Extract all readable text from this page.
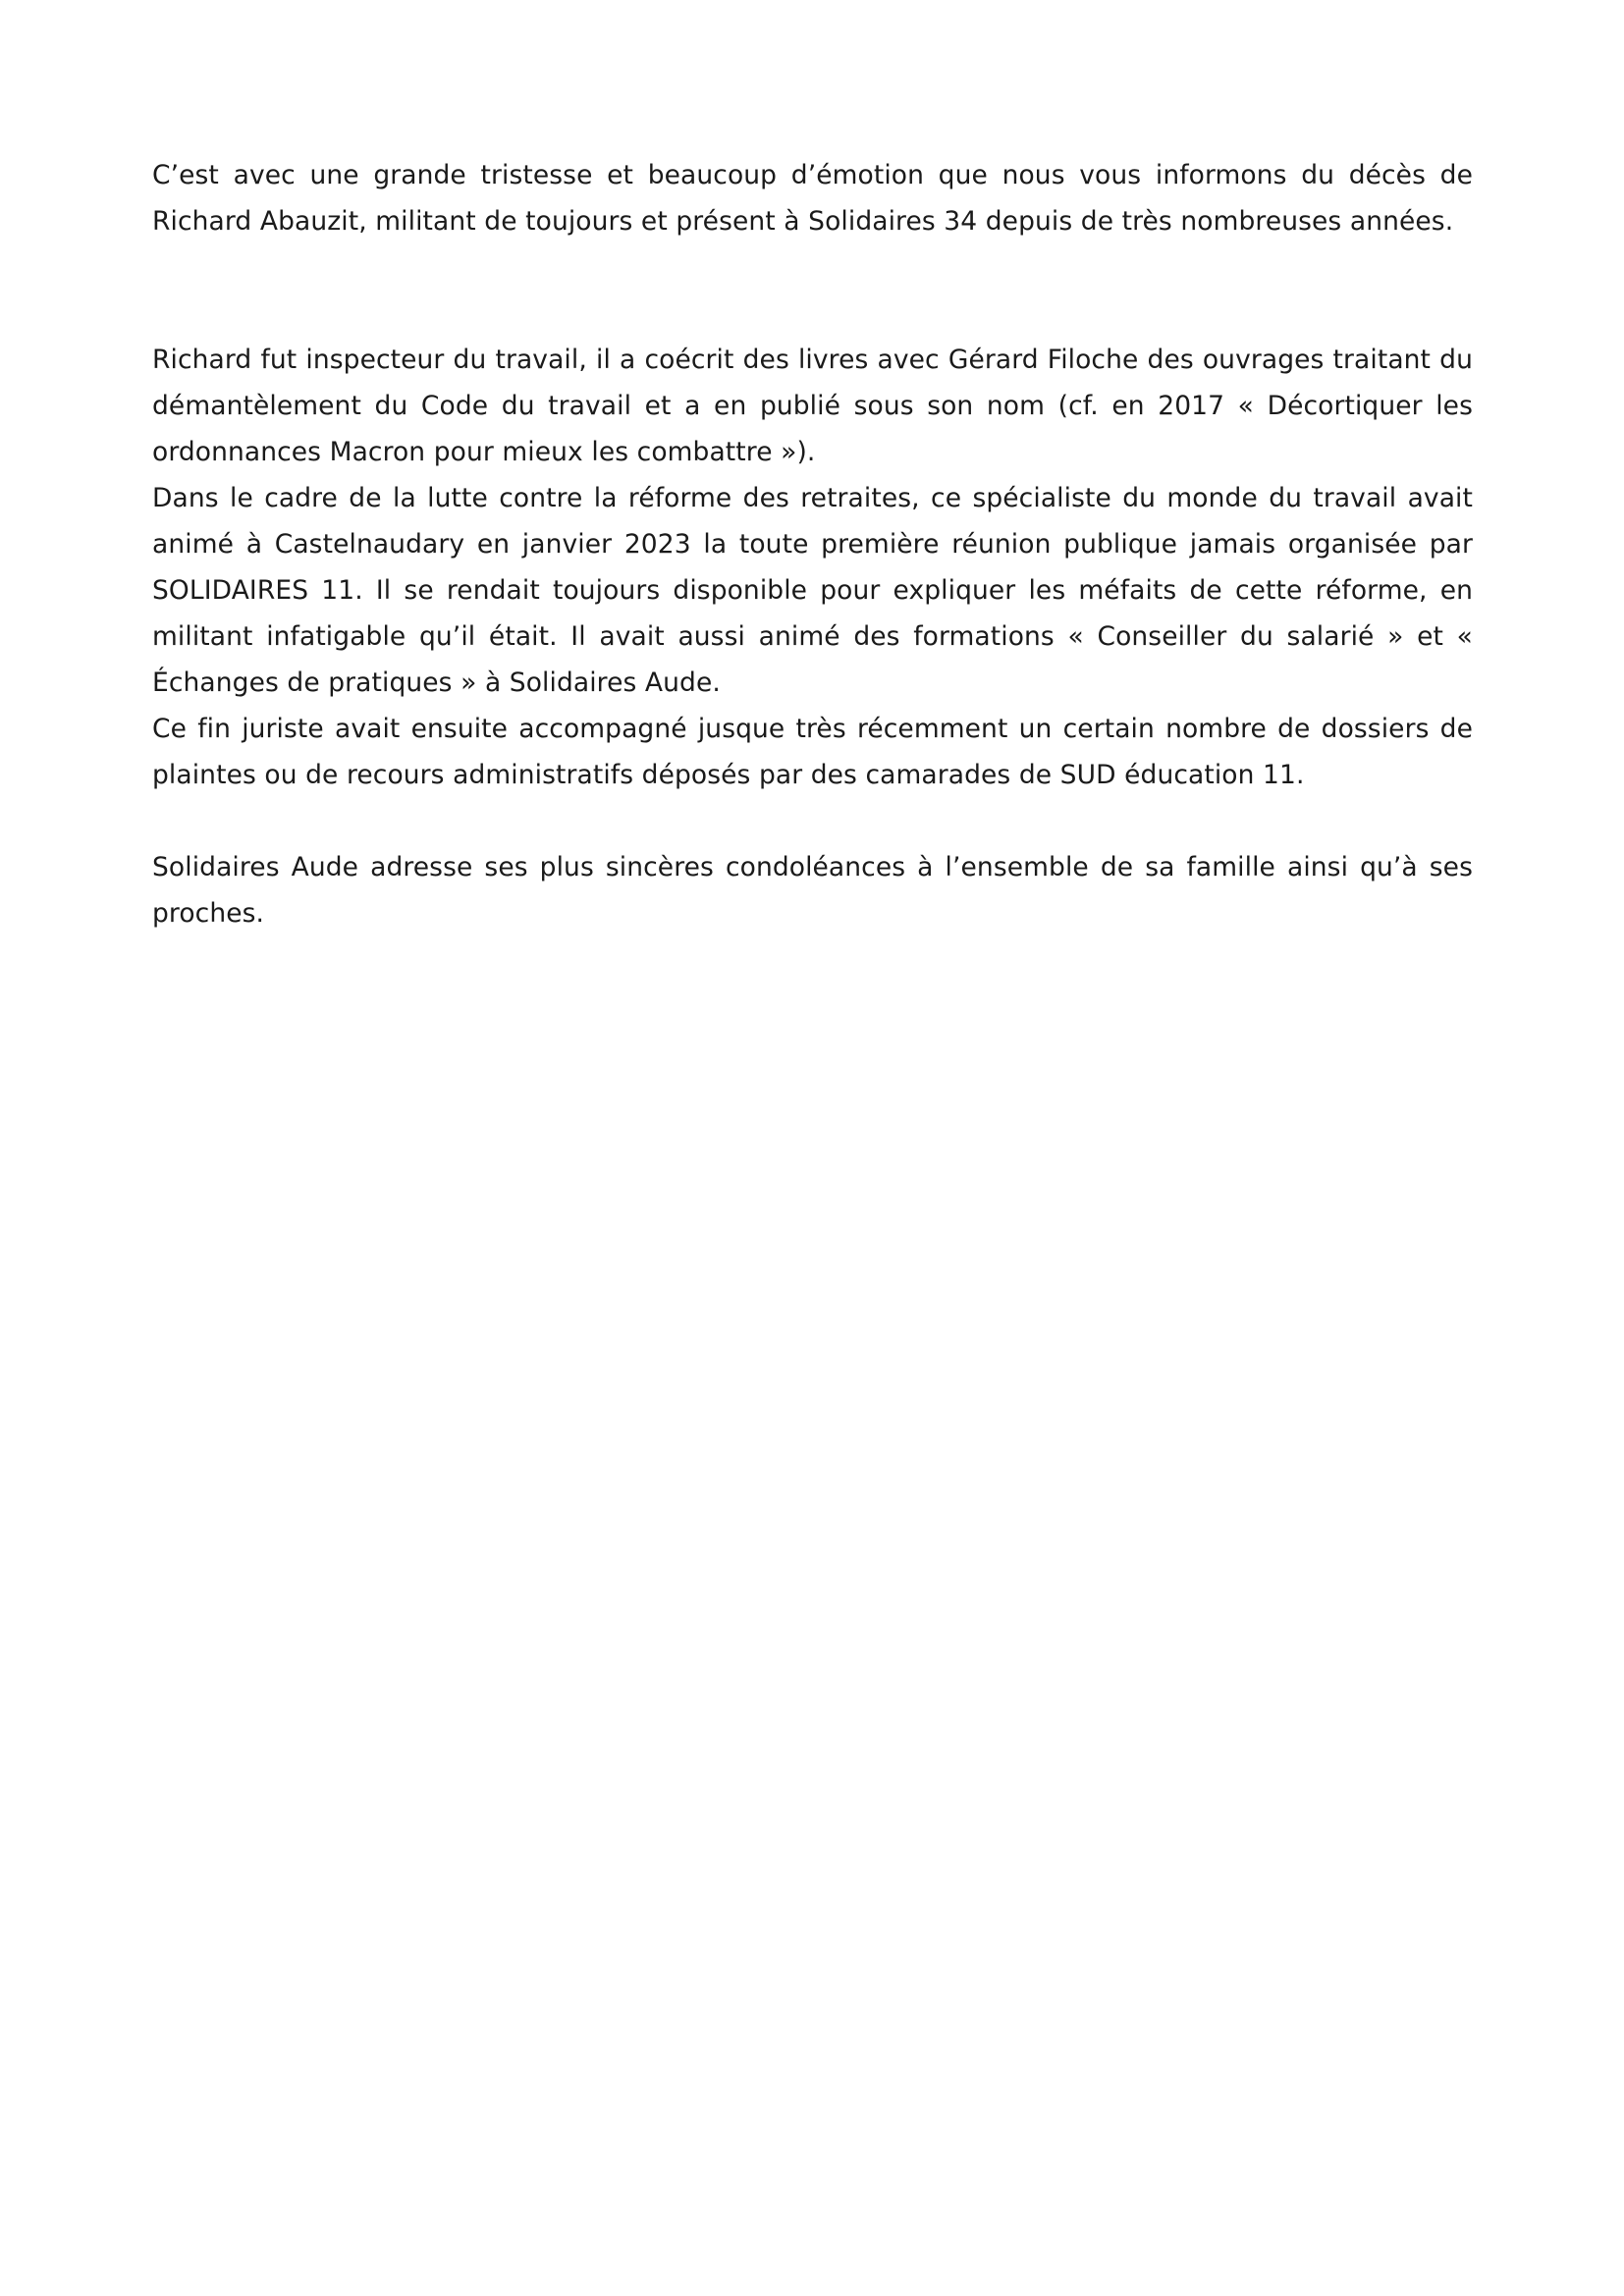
C’est avec une grande tristesse et beaucoup d’émotion que nous vous informons du décès de Richard Abauzit, militant de toujours et présent à Solidaires 34 depuis de très nombreuses années.

Richard fut inspecteur du travail, il a coécrit des livres avec Gérard Filoche des ouvrages traitant du démantèlement du Code du travail et a en publié sous son nom (cf. en 2017 « Décortiquer les ordonnances Macron pour mieux les combattre »).

Dans le cadre de la lutte contre la réforme des retraites, ce spécialiste du monde du travail avait animé à Castelnaudary en janvier 2023 la toute première réunion publique jamais organisée par SOLIDAIRES 11. Il se rendait toujours disponible pour expliquer les méfaits de cette réforme, en militant infatigable qu’il était. Il avait aussi animé des formations « Conseiller du salarié » et « Échanges de pratiques » à Solidaires Aude.

Ce fin juriste avait ensuite accompagné jusque très récemment un certain nombre de dossiers de plaintes ou de recours administratifs déposés par des camarades de SUD éducation 11.

Solidaires Aude adresse ses plus sincères condoléances à l’ensemble de sa famille ainsi qu’à ses proches.
